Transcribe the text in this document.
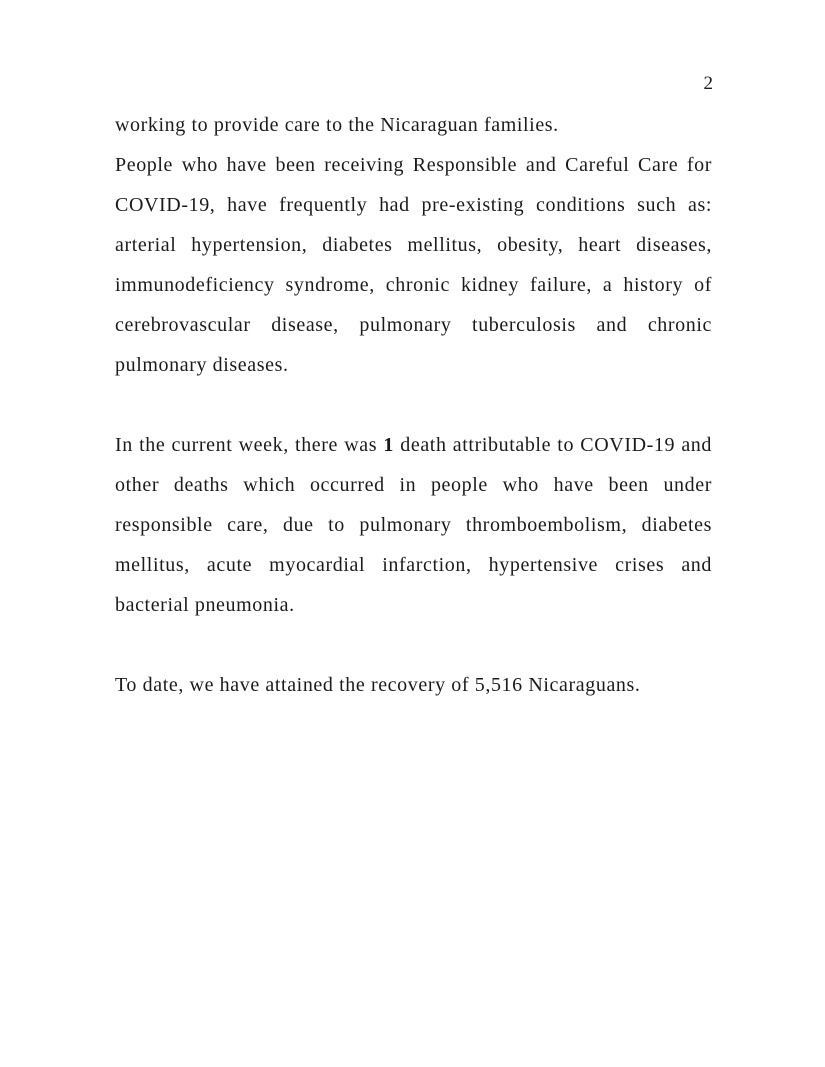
2

working to provide care to the Nicaraguan families.

People who have been receiving Responsible and Careful Care for COVID-19, have frequently had pre-existing conditions such as: arterial hypertension, diabetes mellitus, obesity, heart diseases, immunodeficiency syndrome, chronic kidney failure, a history of cerebrovascular disease, pulmonary tuberculosis and chronic pulmonary diseases.

In the current week, there was 1 death attributable to COVID-19 and other deaths which occurred in people who have been under responsible care, due to pulmonary thromboembolism, diabetes mellitus, acute myocardial infarction, hypertensive crises and bacterial pneumonia.

To date, we have attained the recovery of 5,516 Nicaraguans.
